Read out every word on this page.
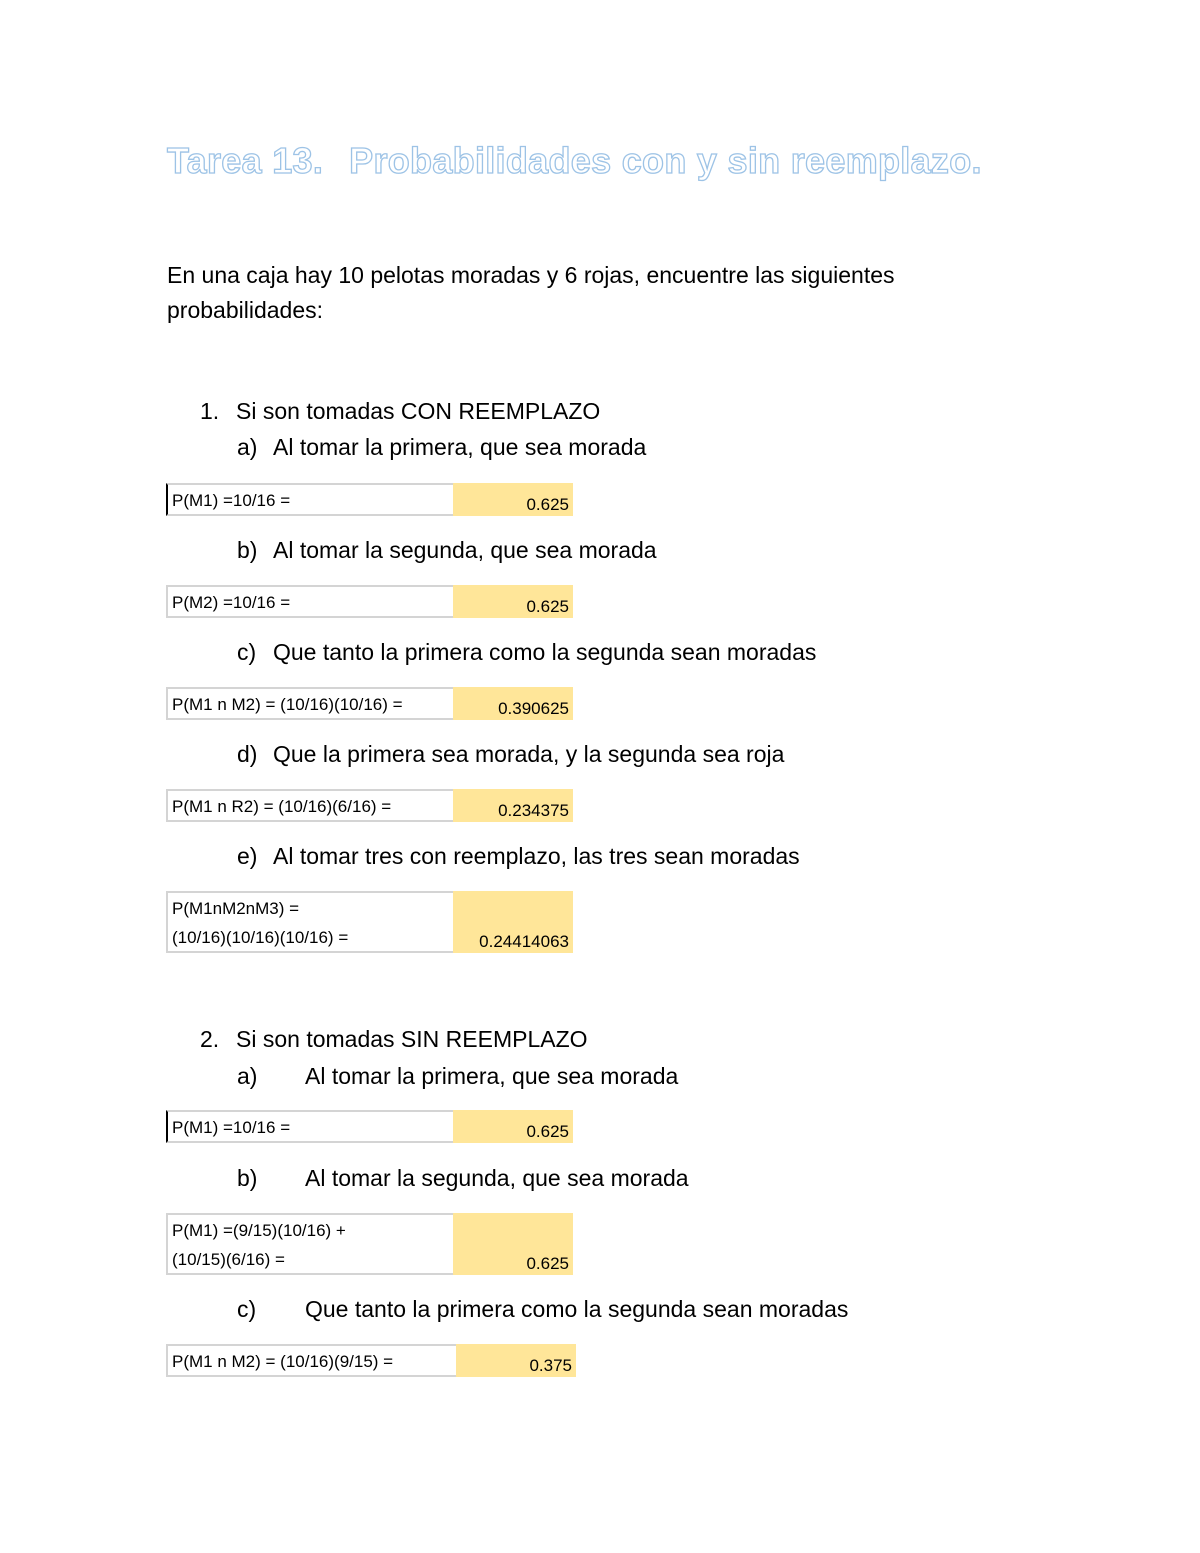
Tarea 13. Probabilidades con y sin reemplazo.
En una caja hay 10 pelotas moradas y 6 rojas, encuentre las siguientes probabilidades:
1. Si son tomadas CON REEMPLAZO
a) Al tomar la primera, que sea morada
P(M1) =10/16 =	0.625
b) Al tomar la segunda, que sea morada
P(M2) =10/16 =	0.625
c) Que tanto la primera como la segunda sean moradas
P(M1 n M2) = (10/16)(10/16) =	0.390625
d) Que la primera sea morada, y la segunda sea roja
P(M1 n R2) = (10/16)(6/16) =	0.234375
e) Al tomar tres con reemplazo, las tres sean moradas
P(M1nM2nM3) =
(10/16)(10/16)(10/16) =	0.24414063
2. Si son tomadas SIN REEMPLAZO
a) Al tomar la primera, que sea morada
P(M1) =10/16 =	0.625
b) Al tomar la segunda, que sea morada
P(M1) =(9/15)(10/16) +
(10/15)(6/16) =	0.625
c) Que tanto la primera como la segunda sean moradas
P(M1 n M2) = (10/16)(9/15) =	0.375
